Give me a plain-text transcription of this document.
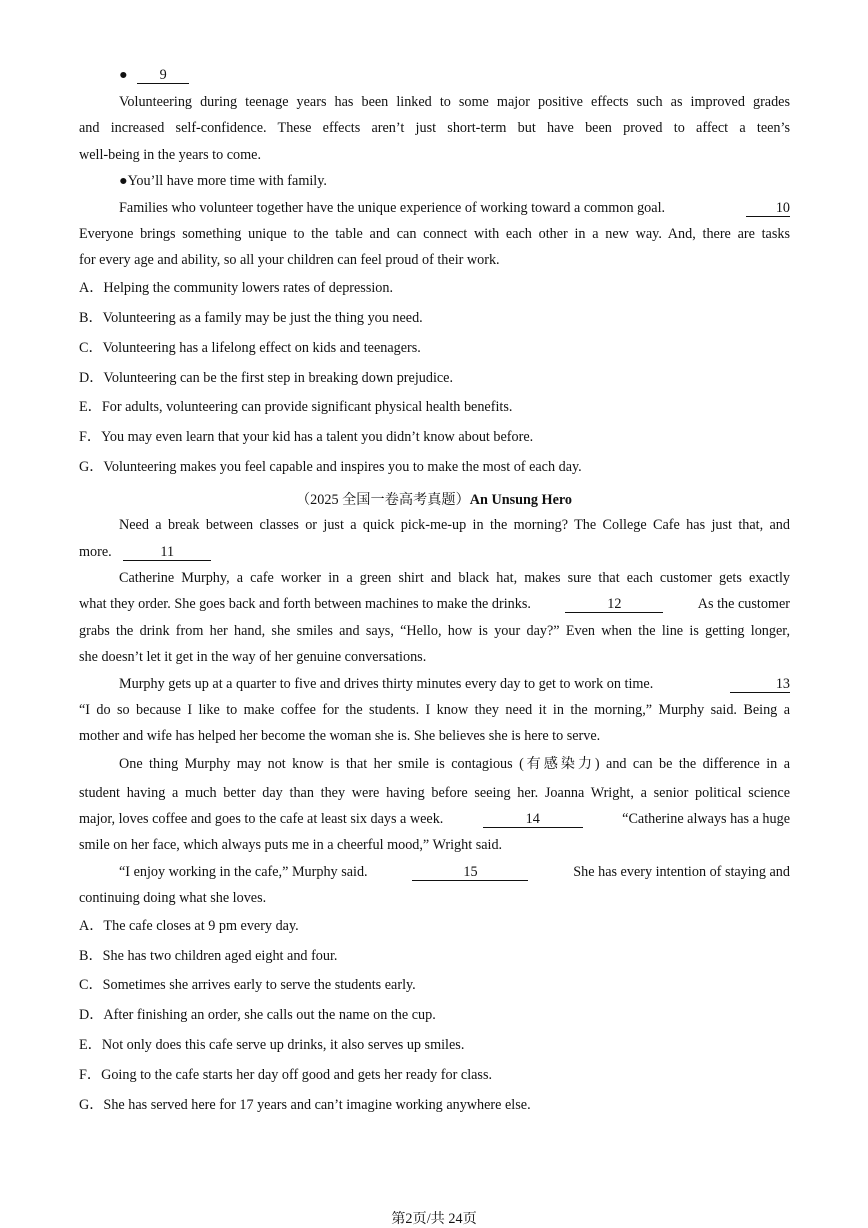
● 9
Volunteering during teenage years has been linked to some major positive effects such as improved grades
and increased self-confidence. These effects aren’t just short-term but have been proved to affect a teen’s
well-being in the years to come.
●You’ll have more time with family.
Families who volunteer together have the unique experience of working toward a common goal.	10
Everyone brings something unique to the table and can connect with each other in a new way. And, there are tasks
for every age and ability, so all your children can feel proud of their work.
A．Helping the community lowers rates of depression.
B．Volunteering as a family may be just the thing you need.
C．Volunteering has a lifelong effect on kids and teenagers.
D．Volunteering can be the first step in breaking down prejudice.
E．For adults, volunteering can provide significant physical health benefits.
F．You may even learn that your kid has a talent you didn’t know about before.
G．Volunteering makes you feel capable and inspires you to make the most of each day.
（2025 全国一卷高考真题）An Unsung Hero
Need a break between classes or just a quick pick-me-up in the morning? The College Cafe has just that, and
more.	11
Catherine Murphy, a cafe worker in a green shirt and black hat, makes sure that each customer gets exactly
what they order. She goes back and forth between machines to make the drinks.	12	As the customer
grabs the drink from her hand, she smiles and says, “Hello, how is your day?” Even when the line is getting longer,
she doesn’t let it get in the way of her genuine conversations.
Murphy gets up at a quarter to five and drives thirty minutes every day to get to work on time.	13
“I do so because I like to make coffee for the students. I know they need it in the morning,” Murphy said. Being a
mother and wife has helped her become the woman she is. She believes she is here to serve.
One thing Murphy may not know is that her smile is contagious (有感染力) and can be the difference in a
student having a much better day than they were having before seeing her. Joanna Wright, a senior political science
major, loves coffee and goes to the cafe at least six days a week.	14	“Catherine always has a huge
smile on her face, which always puts me in a cheerful mood,” Wright said.
“I enjoy working in the cafe,” Murphy said.	15	She has every intention of staying and
continuing doing what she loves.
A．The cafe closes at 9 pm every day.
B．She has two children aged eight and four.
C．Sometimes she arrives early to serve the students early.
D．After finishing an order, she calls out the name on the cup.
E．Not only does this cafe serve up drinks, it also serves up smiles.
F．Going to the cafe starts her day off good and gets her ready for class.
G．She has served here for 17 years and can’t imagine working anywhere else.
第2页/共 24页
